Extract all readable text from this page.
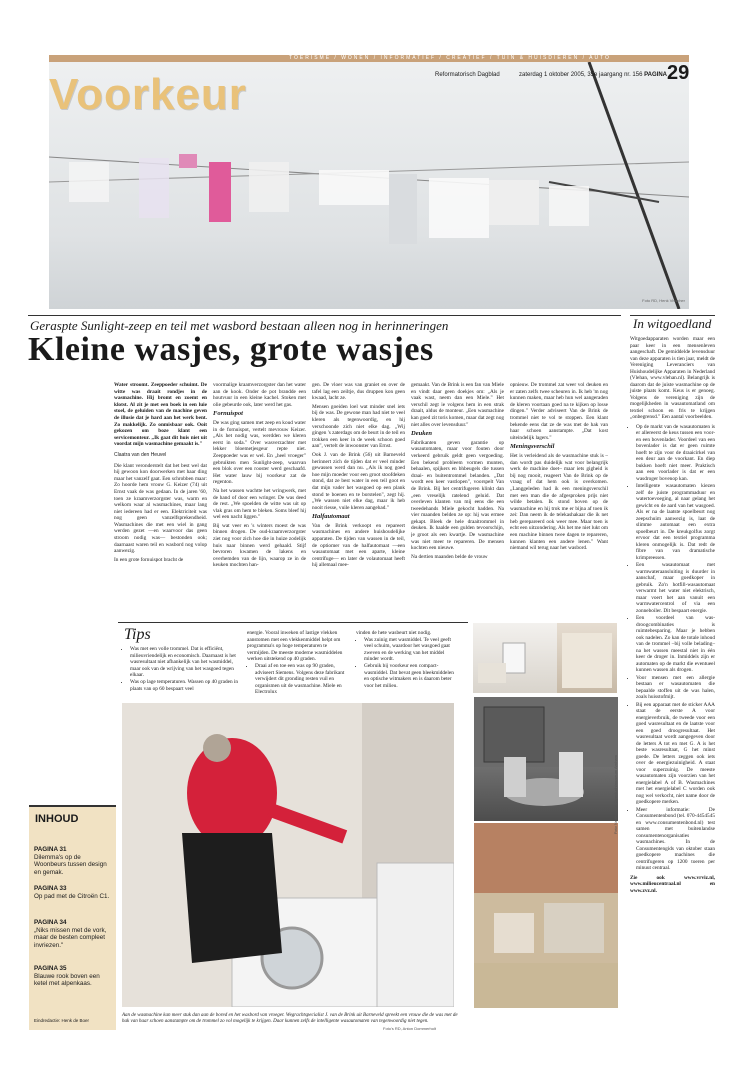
TOERISME / WONEN / INFORMATIEF / CREATIEF / TUIN & HUISDIEREN / AUTO
Voorkeur	Reformatorisch Dagblad	zaterdag 1 oktober 2005, 35e jaargang nr. 156 PAGINA 29
Foto RD, Henk Visscher
Geraspte Sunlight-zeep en teil met wasbord bestaan alleen nog in herinneringen
Kleine wasjes, grote wasjes

Water stroomt. Zeeppoeder schuimt. De witte was draait rondjes in de wasmachine. Hij bromt en zoemt en klotst. Al zit je met een boek in een luie stoel, de geluiden van de machine geven de illusie dat je hard aan het werk bent. Zo makkelijk. Zo onmisbaar ook. Ooit gekozen om boze klant een servicemonteur. „Ik gaat dit huis niet uit voordat mijn wasmachine gemaakt is."

Claatra van den Heuvel

Die klant veronderstelt dat het best wel dat hij gewoon kon doorwerken met haar ding maar het vanzelf gaat. Een schrobben maar: Zo hoorde hem vrouw G. Keizer (74) uit Ernst vaak de was gedaan. In de jaren '60, toen ze kraamverzorgster was, warm en welkom waar al wasmachines, maar lang niet iedereen had er een. Elektriciteit was nog geen vanzelfsprekendheid. Wasmachines die met een wiel in gang werden gezet —en waarvoor das geen stroom nodig was— bestonden ook; daarnaast waren teil en wasbord nog volop aanwezig.

In een grote fornuispot bracht de

voormalige kraamverzorgster dan het water aan de kook. Onder de pot brandde een houtvuur in een kleine kachel. Stoken met olie gebeurde ook, later werd het gas.

Fornuispot

De was ging samen met zeep en koud water in de fornuispot, vertelt mevrouw Keizer. „Als het nodig was, werdden we kleren eerst in soda." Over wasverzachter met lekker bloemetjesgeur repte niet. Zeeppoeder was er wel. En „heel vroeger" gebruikten men Sunlight-zeep, waarvan een blok over een rooster werd geschaafd. Het water lauw bij voorkeur zat de regenton.

Na het wassen wachtte het wringwerk, met de hand of door een wringer. De was deed de rest. „We spoelden de witte was uit op vlak gras om hem te bleken. Soms bleef hij wel een nacht liggen."

Bij wat veer en 's winters moest de was binnen drogen. De oud-kraamverzorgster ziet nog voor zich hoe die in huize zodelijk huis naar binnen werd gehaald. Stijf bevroren kwamen de lakens en overhemden van de lijn, waarop ze in de keuken mochten han-

gen. De vloer was van graniet en over de tafel lag een zeiltje, dus druppen kon geen kwaad, lacht ze.

Mensen goeiden loel wat minder snel iets bij de was. De gewone man had niet te veel kleren als tegenwoordig, en hij verschoonde zich niet elke dag. „Wij gingen 's zaterdags om de beurt in de teil en trokken een keer in de week schoon goed aan", vertelt de inwoonster van Ernst.

Ook J. van de Brink (56) uit Barneveld herinnert zich de tijden dat er veel minder gewassen werd dan nu. „Als ik nog goed hoe mijn moeder voor een groot stoofdeken stond, dat ze best water in een teil goot en dat mijn vader het wasgoed op een plank stond te boenen en te borstelen", zegt hij. „We wassen niet elke dag, maar ik heb nooit riesse, vuile kleren aangehad."

Halfautomaat

Van de Brink verkoopt en repareert wasmachines en andere huishoudelijke apparaten. De tijden van wassen in de teil, de optiomer van de halfautomaat —een wasautomaat met een aparte, kleine centrifuge— en later de volautomaat heeft hij allemaal mee-

gemaakt. Van de Brink is een fan van Miele en vindt daar geen doekjes om: „Als je vaak wast, neem dan een Miele." Het verschil zegt ie volgens hem in een strak draait, aldus de monteur. „Een wasmachine kan goed zit toris komen, maar dat zegt nog niet alles over levensduur."

Deuken

Fabrikanten geven garantie op wasautomaten, maar voor fouten door verkeerd gebruik geldt geen vergoeding. Een bekend probleem vormen munten, behaalen, spijkers en bhbeugels die tussen draai- en buitentrommel belanden. „Dat wordt een keer vastlopen", voorspelt Van de Brink. Bij het centrifugeren klinkt dan „een vreselijk ratelend geluid. Dat overleven klanten van mij eens die een tweedehands Miele gekocht hadden. Na vier maanden belden ze op: hij was ermee gekapt. Bleek de hele draaitrommel in deuken. Ik haalde een gulden tevoorschijn, je groot als een kwartje. De wasmachine was niet meer te repareren. De mensen kochten een nieuwe.

Na dertien maanden belde de vrouw

opnieuw. De trommel zat weer vol deuken en er zaten zelfs twee scheuren in. Ik heb 'm nog kunnen maken, maar heb hun wel aangeraden de kleren voortaan goed na te kijken op losse dingen." Verder adviseert Van de Brink de trommel niet te vol te stoppen. Een klant bekende eens dat ze de was met de hak van haar schoen aanstampte. „Dat kost uiteindelijk lagers."

Meningsverschil

Het is verleidend als de wasmachine stuk is –dan wordt pas duidelijk wat voor belangrijk werk de machine doet– maar iets gigheid is bij nog mooit, reageert Van de Brink op de vraag of dat hem ook is overkomen. „Langgeleden had ik een meningsverschil met een man die de afgesproken prijs niet wilde betalen. Ik stond boven op de wasmachine en hij trok me er bijna af toen ik zei: Dan neem ik de telekashakaar die ik net heb gerepareerd ook weer mee. Maar toen is echt een uitzondering. Als het me niet lukt om een machine binnen twee dagen te repareren, kunnen klanten een andere lenen." Want niemand wil terug naar het wasbord.

Tips
• Was met een volle trommel. Dat is efficiënt, milieuvriendelijk en economisch. Daarnaast is het wasresultaat niet afhankelijk van het wasmiddel, maar ook van de wrijving van het wasgoed tegen elkaar.
• Was op lage temperaturen. Wassen op 40 graden in plaats van op 60 bespaart veel
energie. Vooral inweken of lastige vlekken aanstomen met een vlekkenmiddel helpt om programma's op hoge temperaturen te vermijden. De meeste moderne wasmiddelen werken uitstekend op 40 graden.
• Draai af en toe een was op 90 graden, adviseert Siemens. Volgens deze fabrikant verwijdert dit gronding resten vuil en organismen uit de wasmachine. Miele en Electrolux
vinden de hete wasbeurt niet nodig.
• Was zuinig met wasmiddel. Te veel geeft veel schuim, waardoor het wasgoed gaat zweven en de werking van het middel minder wordt.
• Gebruik bij voorkeur een compact-wasmiddel. Dat bevat geen bleekmiddelen en optische witmakers en is daarom beter voor het milieu.
Foto Nederlands Openluchtmuseum Arnhem
Aan de wasmachine kan meer stuk dan aan de bored en het wasbord van vroeger. Wegrachtspecialist J. van de Brink uit Barneveld spreekt een vrouw die de was met de hak van haar schoen aanstampte om de trommel zo vol mogelijk te krijgen. Daar kunnen zelfs de intelligente wasautomaten van tegenwoordig niet tegen.
Foto's RD, Anton Dommerholt
INHOUD
PAGINA 31
Dilemma's op de Woonbeurs tussen design en gemak.
PAGINA 33
Op pad met de Citroën C1.
PAGINA 34
„Niks missen met de vork, maar de besten compleet invriezen."
PAGINA 35
Blauwe rook boven een ketel met alpenkaas.
Eindredactie: Henk de Boer
In witgoedland

Witgoedapparaten worden maar een paar keer in een mensenleven aangeschaft. De gemiddelde levensduur van deze apparaten is tien jaar, meldt de Vereniging Leveranciers van Huishoudelijke Apparaten in Nederland (Vlehan, www.vlehan.nl). Belangrijk is daarom dat de juiste wasmachine op de juiste plaats komt. Keus is er genoeg. Volgens de vereniging zijn de mogelijkheden in wasautomatland om textiel schoon en fris te krijgen „onbegrensd." Een aantal voorbeelden.

• Op de markt van de wasautomaten is er allereerst de keus tussen een voor- en een bovenlader. Voordeel van een bovenlader is dat er geen ruimte hoeft te zijn voor de draaicirkel van een deur aan de voorkant. En diep bukken hoeft niet meer. Praktisch aan een voorlader is dat er een wasdroger bovenop kan.
• Intelligente wasautomaten kiezen zelf de juiste programmaduur en watertoevoeging, al naar gelang het gewicht en de aard van het wasgoed. Als er na de laatste spoelbeurt nog zeepschuim aanwezig is, laat de slimme automaat een extra spoelbeurt in. De kreukgolfus zorgt ervoor dat een textiel programma kleren onmogelijk is. Dat redt de fibre van van dramatische krimpreessen.
• Een wasautomaat met warmwateraansluiting is duurder in aanschaf, maar goedkoper in gebruik. Zo'n hotfill-wasautomaat verwarmt het water niet elektrisch, maar voert het aan vanuit een warmwatercentrol of via een zonneboiler. Dit bespaart energie.
• Een voordeel van was-droogcombinaties is ruimtebesparing. Maar je hebben ook nadelen. Zo kan de totale inhoud van de trommel –bij volle belading– na het wassen meestal niet in één keer de droger in. Inmiddels zijn er automaten op de markt die eventueel kunnen wassen als drogen.
• Voor mensen met een allergie bestaan er wasautomaten die bepaalde stoffen uit de was halen, zoals huisstofmijt.
• Bij een apparaat met de sticker AAA staat de eerste A voor energieverbruik, de tweede voor een goed wasresultaat en de laatste voor een goed droogresultaat. Het wasresultaat wordt aangegeven door de letters A tot en met G. A is het beste wasresultaat, G het minst goede. De letters zeggen ook iets over de energiezuinigheid. A staat voor superzuinig. De meeste wasautomaten zijn voorzien van het energielabel A of B. Wasmachines met het energielabel C worden ook nog wel verkocht, niet name door de goedkopere merken.
• Meer informatie: De Consumentenbond (tel. 070-4454545 en www.consumentenbond.nl) test samen met buitenlandse consumentenorganisaties wasmachines. In de Consumentengids van oktober staan goedkopere machines die centrifugeren op 1200 toeren per minuut centraal.

Zie ook www.vrviz.nl, www.milieucentraal.nl en www.zvz.nl.
